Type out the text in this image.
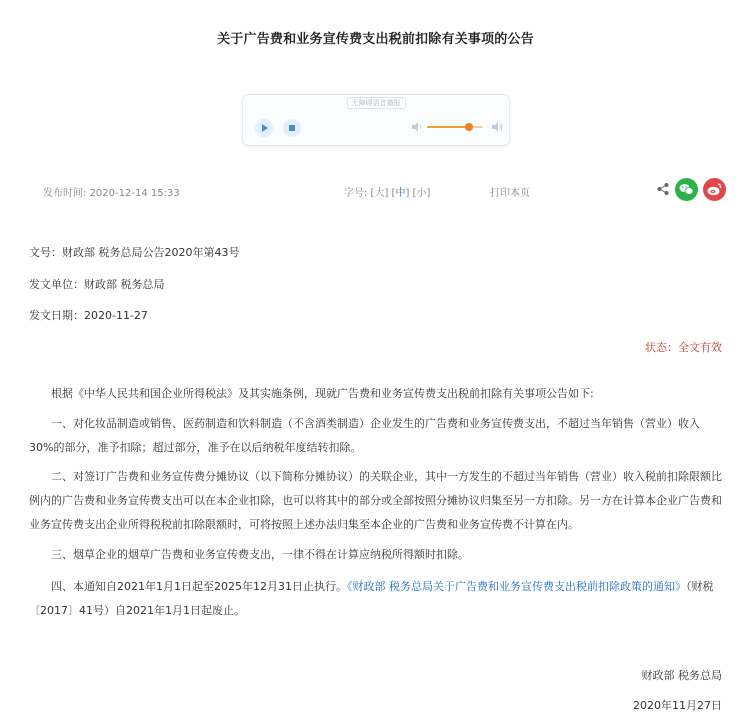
关于广告费和业务宣传费支出税前扣除有关事项的公告
无障碍语音播报
发布时间: 2020-12-14 15:33	字号: [大] [中] [小]	打印本页
文号：财政部 税务总局公告2020年第43号
发文单位：财政部 税务总局
发文日期：2020-11-27
状态：全文有效
根据《中华人民共和国企业所得税法》及其实施条例，现就广告费和业务宣传费支出税前扣除有关事项公告如下:
一、对化妆品制造或销售、医药制造和饮料制造（不含酒类制造）企业发生的广告费和业务宣传费支出，不超过当年销售（营业）收入30%的部分，准予扣除；超过部分，准予在以后纳税年度结转扣除。
二、对签订广告费和业务宣传费分摊协议（以下简称分摊协议）的关联企业，其中一方发生的不超过当年销售（营业）收入税前扣除限额比例内的广告费和业务宣传费支出可以在本企业扣除，也可以将其中的部分或全部按照分摊协议归集至另一方扣除。另一方在计算本企业广告费和业务宣传费支出企业所得税税前扣除限额时，可将按照上述办法归集至本企业的广告费和业务宣传费不计算在内。
三、烟草企业的烟草广告费和业务宣传费支出，一律不得在计算应纳税所得额时扣除。
四、本通知自2021年1月1日起至2025年12月31日止执行。《财政部 税务总局关于广告费和业务宣传费支出税前扣除政策的通知》（财税〔2017〕41号）自2021年1月1日起废止。
财政部 税务总局
2020年11月27日
